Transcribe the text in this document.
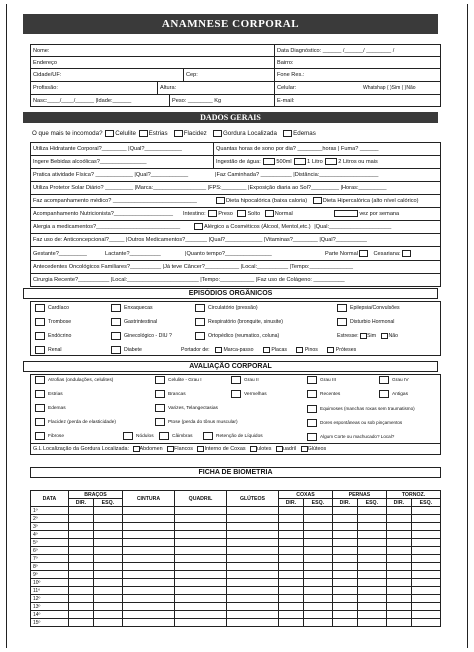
ANAMNESE CORPORAL
Nome:	Data Diagnóstico: ______ /______/ ________ /
Endereço	Bairro:
Cidade/UF:	Cep:	Fone Res.:
Profissão:	Altura:	Celular:	Whatshap ( )Sim ( )Não
Nasc:____/____/______ |Idade:______	Peso: ________ Kg	E-mail:
DADOS GERAIS
O que mais te incomoda? Celulite Estrias	Flacidez	Gordura Localizada	Edemas
Utiliza Hidratante Corporal?________ |Qual?____________	Quantas horas de sono por dia? ________horas | Fuma? ______
Ingere Bebidas alcoólicas?_______________	Ingestão de água:	500ml	1 Litro	2 Litros ou mais
Pratica atividade Física? ____________ |Qual?____________	|Faz Caminhada? __________ |Distância:___________________
Utiliza Protetor Solar Diário? _________ |Marca:_________________ |FPS:________ |Exposição diaria ao Sol?_________ |Horas:_________
Faz acompanhamento médico? ___________________________	Dieta hipocalórica (baixa caloria)	Dieta Hipercalórica (alto nível calórico)
Acompanhamento Nutricionista?___________________	Intestino: Preso	Solto	Normal	vez por semana
Alergia a medicamentos?___________________________	Alérgico a Cosméticos (Álcool, Mentol,etc.) |Qual:____________________
Faz uso de: Anticoncepcional?_____ |Outros Medicamentos?_______ |Qual?____________ |Vitaminas?________ |Qual?__________
Gestante?_________	Lactante?__________	|Quanto tempo?_______________	Parte Normal	Cesariana:
Antecedentes Oncológicos Familiares?__________ |Já teve Câncer?___________ |Local:__________ |Tempo:______________
Cirurgia Recente?__________ |Local:_______________________ |Tempo:___________ |Faz uso de Colágeno: __________
EPISÓDIOS ORGÂNICOS
Cardíaco
Trombose
Endócrino
Renal
Enxaquecas
Gastrintestinal
Ginecológico - DIU ?
Diabete
Circulatório (pressão)
Respiratório (bronquite, sinusite)
Ortopédico (reumatico, coluna)
Portador de:	Marca-passo	Placas	Pinos	Próteses
Epilepsia/Convulsões
Disturbio Hormonal
Estresse: Sim Não
AVALIAÇÃO CORPORAL
Atrofias (ondulações, celulites)
Estrias
Edemas
Flacidez (perda de elasticidade)
Fibrose
Celulite - Grau I
Brancas
Varizes, Telangectasias
Ptose (perda do tônus muscular)
Nódulos
Grau II
Vermelhas
Câimbras	Retenção de Líquidos
Grau III
Recentes
Equimoses (manchas roxas sem traumatismo)
Dores espontâneas ou sob pinçamentos
Algum Corte ou machucado? Local?
Grau IV
Antigas
G.L Localização da Gordura Localizada: Abdomen Flancos Interno de Coxas ulotes uadril Glúteos
FICHA DE BIOMETRIA
DATA	BRAÇOS		CINTURA	QUADRIL	GLÚTEOS	COXAS		PERNAS		TORNOZ.	
	DIR.	ESQ.				DIR.	ESQ.	DIR.	ESQ.	DIR.	ESQ.
1º											
2º											
3º											
4º											
5º											
6º											
7º											
8º											
9º											
10º											
11º											
12º											
13º											
14º											
15º											
